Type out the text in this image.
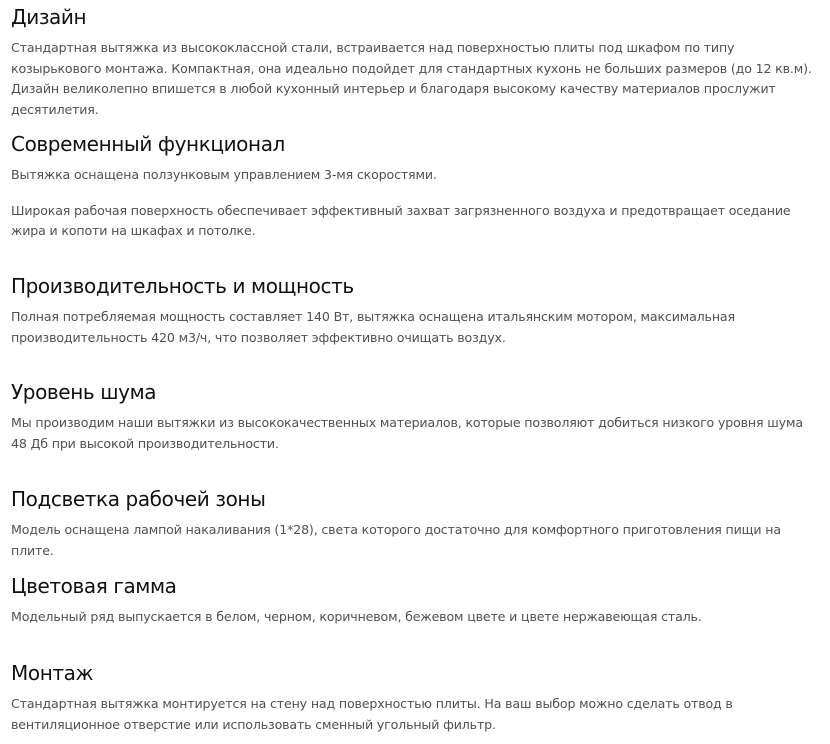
Дизайн

Стандартная вытяжка из высококлассной стали, встраивается над поверхностью плиты под шкафом по типу козырькового монтажа. Компактная, она идеально подойдет для стандартных кухонь не больших размеров (до 12 кв.м). Дизайн великолепно впишется в любой кухонный интерьер и благодаря высокому качеству материалов прослужит десятилетия.

Современный функционал

Вытяжка оснащена ползунковым управлением 3-мя скоростями.

Широкая рабочая поверхность обеспечивает эффективный захват загрязненного воздуха и предотвращает оседание жира и копоти на шкафах и потолке.

Производительность и мощность

Полная потребляемая мощность составляет 140 Вт, вытяжка оснащена итальянским мотором, максимальная производительность 420 м3/ч, что позволяет эффективно очищать воздух.

Уровень шума

Мы производим наши вытяжки из высококачественных материалов, которые позволяют добиться низкого уровня шума 48 Дб при высокой производительности.

Подсветка рабочей зоны

Модель оснащена лампой накаливания (1*28), света которого достаточно для комфортного приготовления пищи на плите.

Цветовая гамма

Модельный ряд выпускается в белом, черном, коричневом, бежевом цвете и цвете нержавеющая сталь.

Монтаж

Стандартная вытяжка монтируется на стену над поверхностью плиты. На ваш выбор можно сделать отвод в вентиляционное отверстие или использовать сменный угольный фильтр.
